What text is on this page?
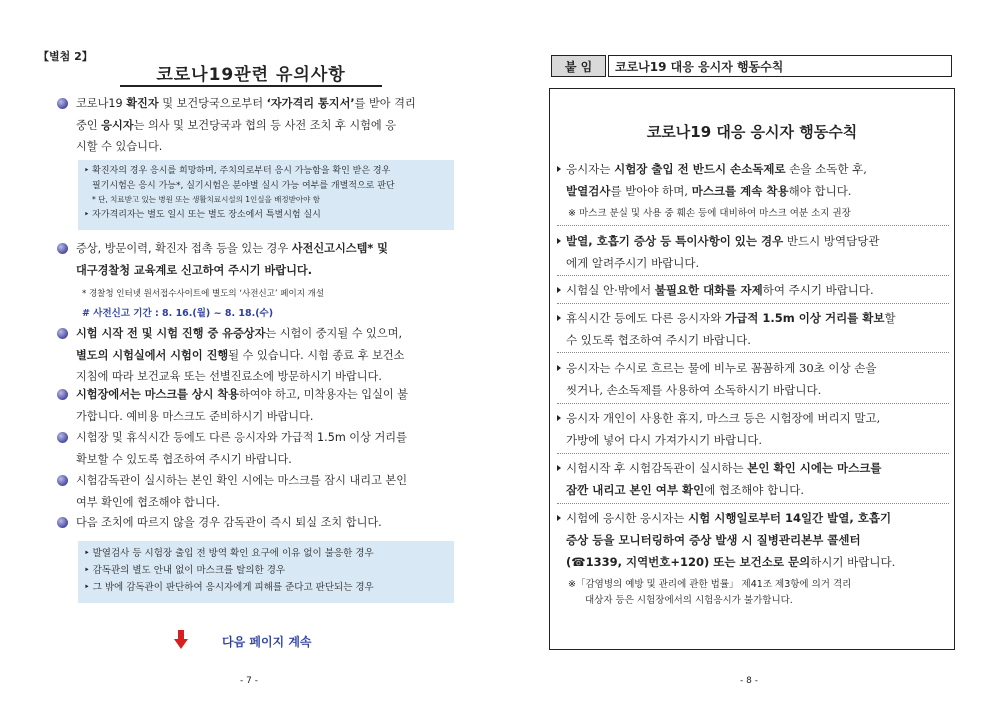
【별첨 2】
코로나19관련 유의사항
코로나19 확진자 및 보건당국으로부터 ‘자가격리 통지서’를 받아 격리
중인 응시자는 의사 및 보건당국과 협의 등 사전 조치 후 시험에 응
시할 수 있습니다.
‣ 확진자의 경우 응시를 희망하며, 주치의로부터 응시 가능함을 확인 받은 경우
필기시험은 응시 가능*, 실기시험은 분야별 실시 가능 여부를 개별적으로 판단
* 단, 치료받고 있는 병원 또는 생활치료시설의 1인실을 배정받아야 함
‣ 자가격리자는 별도 일시 또는 별도 장소에서 특별시험 실시
증상, 방문이력, 확진자 접촉 등을 있는 경우 사전신고시스템* 및
대구경찰청 교육계로 신고하여 주시기 바랍니다.
* 경찰청 인터넷 원서접수사이트에 별도의 ‘사전신고’ 페이지 개설
# 사전신고 기간 : 8. 16.(월) ~ 8. 18.(수)
시험 시작 전 및 시험 진행 중 유증상자는 시험이 중지될 수 있으며,
별도의 시험실에서 시험이 진행될 수 있습니다. 시험 종료 후 보건소
지침에 따라 보건교육 또는 선별진료소에 방문하시기 바랍니다.
시험장에서는 마스크를 상시 착용하여야 하고, 미착용자는 입실이 불
가합니다. 예비용 마스크도 준비하시기 바랍니다.
시험장 및 휴식시간 등에도 다른 응시자와 가급적 1.5m 이상 거리를
확보할 수 있도록 협조하여 주시기 바랍니다.
시험감독관이 실시하는 본인 확인 시에는 마스크를 잠시 내리고 본인
여부 확인에 협조해야 합니다.
다음 조치에 따르지 않을 경우 감독관이 즉시 퇴실 조치 합니다.
‣ 발열검사 등 시험장 출입 전 방역 확인 요구에 이유 없이 불응한 경우
‣ 감독관의 별도 안내 없이 마스크를 탈의한 경우
‣ 그 밖에 감독관이 판단하여 응시자에게 피해를 준다고 판단되는 경우
다음 페이지 계속
- 7 -
붙 임	코로나19 대응 응시자 행동수칙
코로나19 대응 응시자 행동수칙
응시자는 시험장 출입 전 반드시 손소독제로 손을 소독한 후,
발열검사를 받아야 하며, 마스크를 계속 착용해야 합니다.
※ 마스크 분실 및 사용 중 훼손 등에 대비하여 마스크 여분 소지 권장
발열, 호흡기 증상 등 특이사항이 있는 경우 반드시 방역담당관
에게 알려주시기 바랍니다.
시험실 안·밖에서 불필요한 대화를 자제하여 주시기 바랍니다.
휴식시간 등에도 다른 응시자와 가급적 1.5m 이상 거리를 확보할
수 있도록 협조하여 주시기 바랍니다.
응시자는 수시로 흐르는 물에 비누로 꼼꼼하게 30초 이상 손을
씻거나, 손소독제를 사용하여 소독하시기 바랍니다.
응시자 개인이 사용한 휴지, 마스크 등은 시험장에 버리지 말고,
가방에 넣어 다시 가져가시기 바랍니다.
시험시작 후 시험감독관이 실시하는 본인 확인 시에는 마스크를
잠깐 내리고 본인 여부 확인에 협조해야 합니다.
시험에 응시한 응시자는 시험 시행일로부터 14일간 발열, 호흡기
증상 등을 모니터링하여 증상 발생 시 질병관리본부 콜센터
(☎1339, 지역번호+120) 또는 보건소로 문의하시기 바랍니다.
※「감염병의 예방 및 관리에 관한 법률」 제41조 제3항에 의거 격리
대상자 등은 시험장에서의 시험응시가 불가합니다.
- 8 -
